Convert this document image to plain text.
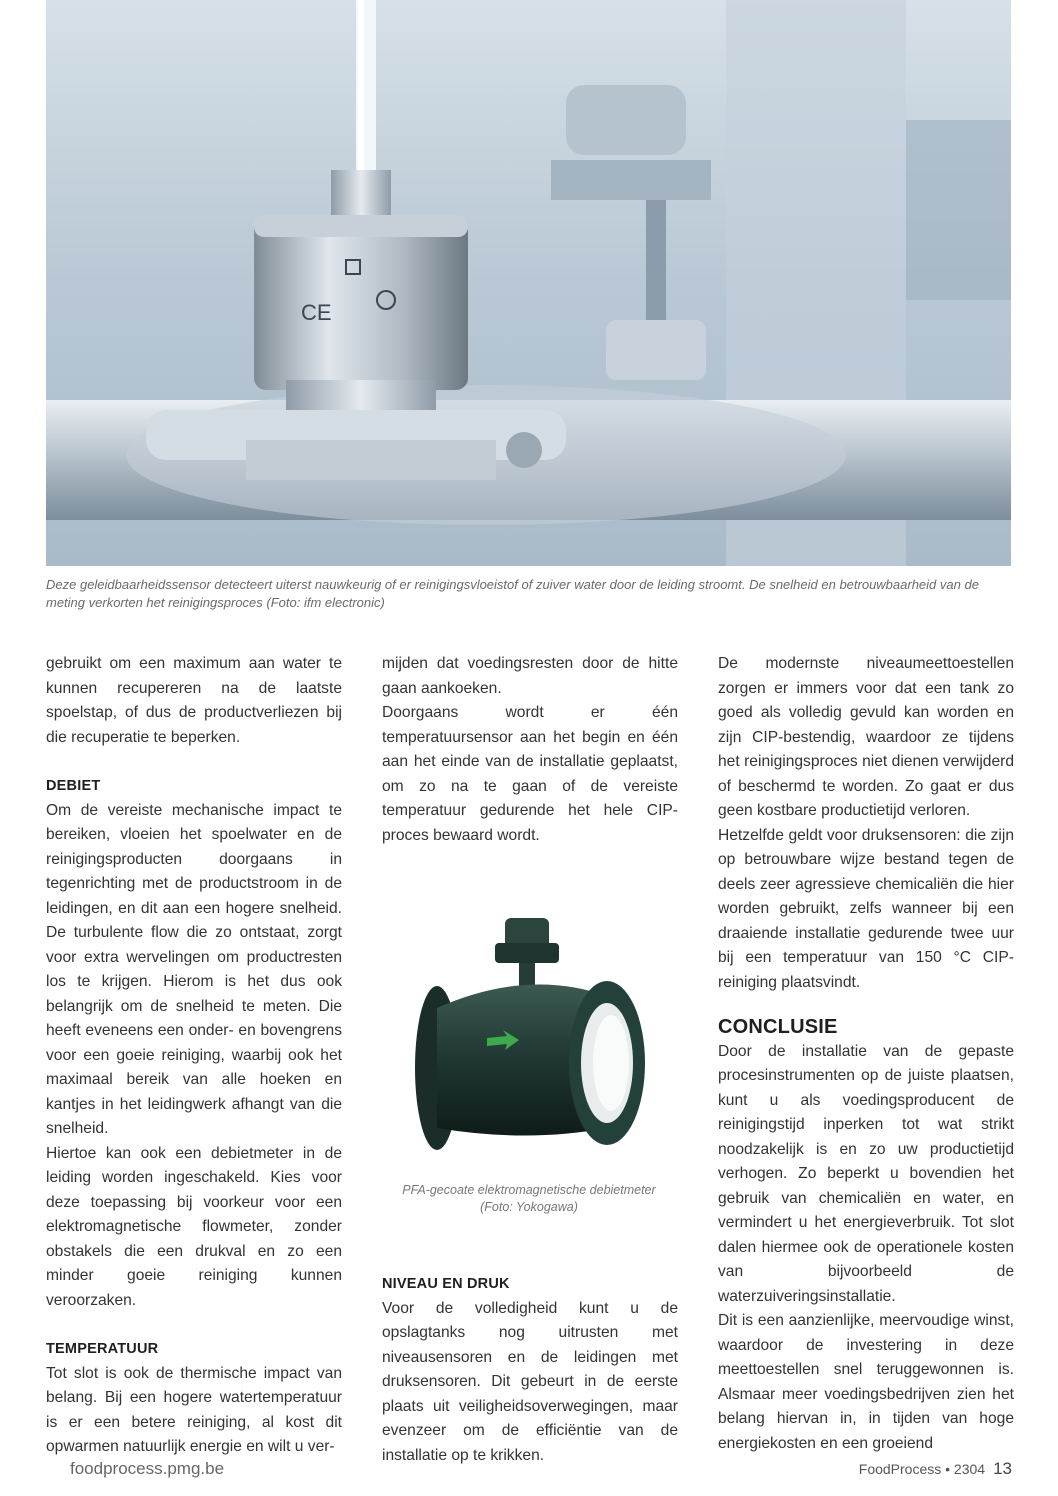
CE
Deze geleidbaarheidssensor detecteert uiterst nauwkeurig of er reinigingsvloeistof of zuiver water door de leiding stroomt. De snelheid en betrouwbaarheid van de meting verkorten het reinigingsproces (Foto: ifm electronic)

gebruikt om een maximum aan water te kunnen recupereren na de laatste spoelstap, of dus de productverliezen bij die recuperatie te beperken.

DEBIET

Om de vereiste mechanische impact te bereiken, vloeien het spoelwater en de reinigingsproducten doorgaans in tegenrichting met de productstroom in de leidingen, en dit aan een hogere snelheid. De turbulente flow die zo ontstaat, zorgt voor extra wervelingen om productresten los te krijgen. Hierom is het dus ook belangrijk om de snelheid te meten. Die heeft eveneens een onder- en bovengrens voor een goeie reiniging, waarbij ook het maximaal bereik van alle hoeken en kantjes in het leidingwerk afhangt van die snelheid.

Hiertoe kan ook een debietmeter in de leiding worden ingeschakeld. Kies voor deze toepassing bij voorkeur voor een elektromagnetische flowmeter, zonder obstakels die een drukval en zo een minder goeie reiniging kunnen veroorzaken.

TEMPERATUUR

Tot slot is ook de thermische impact van belang. Bij een hogere watertemperatuur is er een betere reiniging, al kost dit opwarmen natuurlijk energie en wilt u ver-

mijden dat voedingsresten door de hitte gaan aankoeken.

Doorgaans wordt er één temperatuursensor aan het begin en één aan het einde van de installatie geplaatst, om zo na te gaan of de vereiste temperatuur gedurende het hele CIP-proces bewaard wordt.

PFA-gecoate elektromagnetische debietmeter (Foto: Yokogawa)
NIVEAU EN DRUK

Voor de volledigheid kunt u de opslagtanks nog uitrusten met niveausensoren en de leidingen met druksensoren. Dit gebeurt in de eerste plaats uit veiligheidsoverwegingen, maar evenzeer om de efficiëntie van de installatie op te krikken.

De modernste niveaumeettoestellen zorgen er immers voor dat een tank zo goed als volledig gevuld kan worden en zijn CIP-bestendig, waardoor ze tijdens het reinigingsproces niet dienen verwijderd of beschermd te worden. Zo gaat er dus geen kostbare productietijd verloren.

Hetzelfde geldt voor druksensoren: die zijn op betrouwbare wijze bestand tegen de deels zeer agressieve chemicaliën die hier worden gebruikt, zelfs wanneer bij een draaiende installatie gedurende twee uur bij een temperatuur van 150 °C CIP-reiniging plaatsvindt.

CONCLUSIE

Door de installatie van de gepaste procesinstrumenten op de juiste plaatsen, kunt u als voedingsproducent de reinigingstijd inperken tot wat strikt noodzakelijk is en zo uw productietijd verhogen. Zo beperkt u bovendien het gebruik van chemicaliën en water, en vermindert u het energieverbruik. Tot slot dalen hiermee ook de operationele kosten van bijvoorbeeld de waterzuiveringsinstallatie.

Dit is een aanzienlijke, meervoudige winst, waardoor de investering in deze meettoestellen snel teruggewonnen is. Alsmaar meer voedingsbedrijven zien het belang hiervan in, in tijden van hoge energiekosten en een groeiend

foodprocess.pmg.be	FoodProcess • 2304 13
